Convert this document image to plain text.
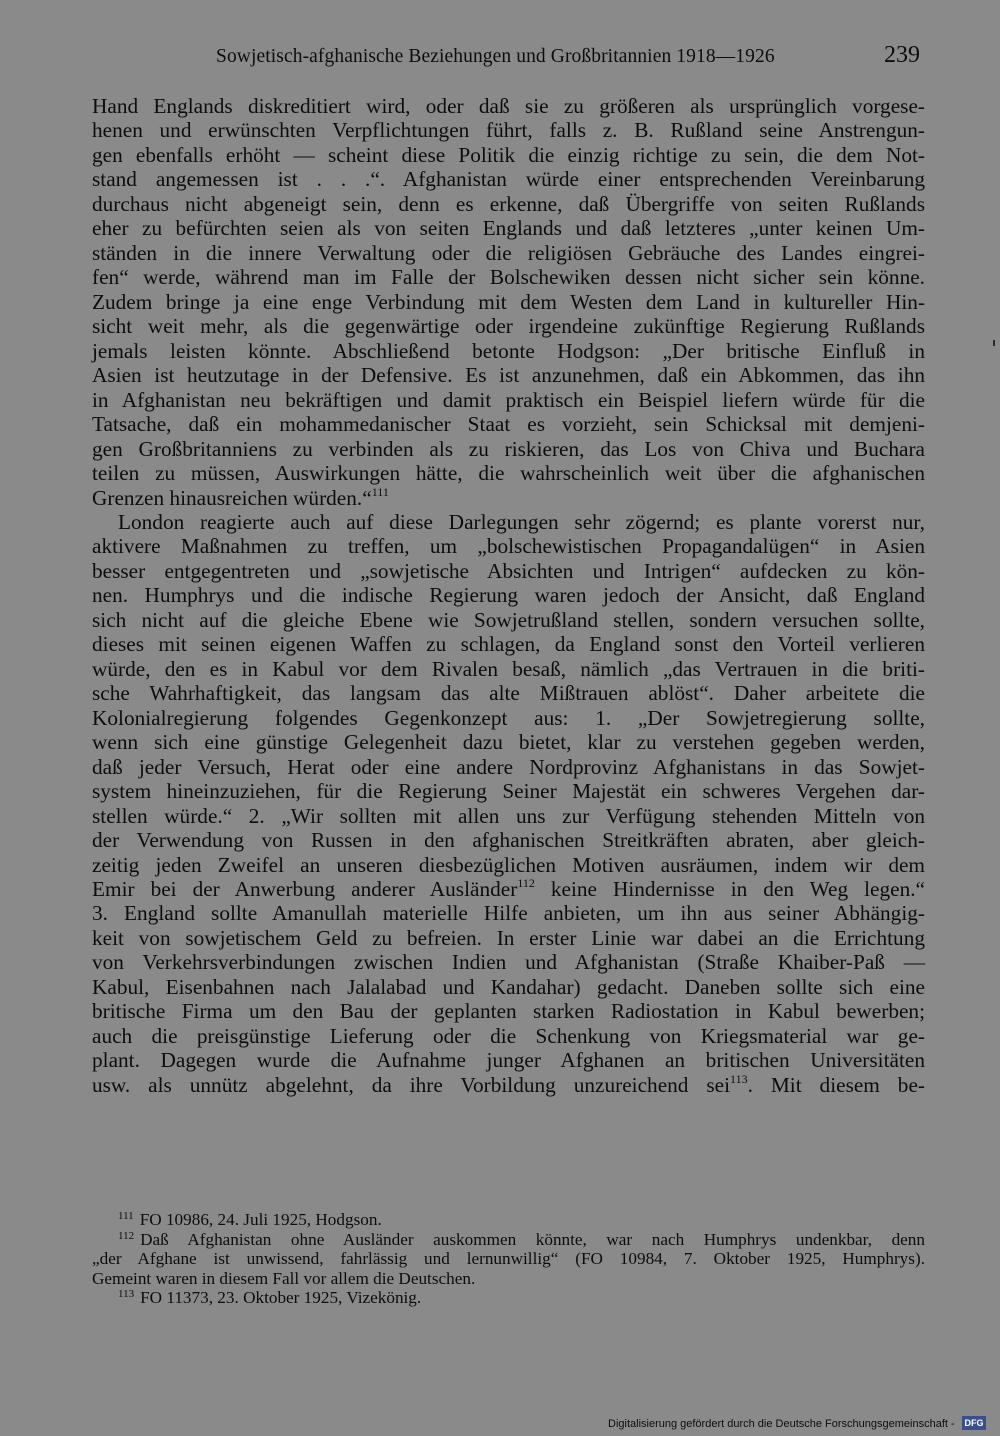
Sowjetisch-afghanische Beziehungen und Großbritannien 1918—1926	239
Hand Englands diskreditiert wird, oder daß sie zu größeren als ursprünglich vorgese-
henen und erwünschten Verpflichtungen führt, falls z. B. Rußland seine Anstrengun-
gen ebenfalls erhöht — scheint diese Politik die einzig richtige zu sein, die dem Not-
stand angemessen ist . . .“. Afghanistan würde einer entsprechenden Vereinbarung
durchaus nicht abgeneigt sein, denn es erkenne, daß Übergriffe von seiten Rußlands
eher zu befürchten seien als von seiten Englands und daß letzteres „unter keinen Um-
ständen in die innere Verwaltung oder die religiösen Gebräuche des Landes eingrei-
fen“ werde, während man im Falle der Bolschewiken dessen nicht sicher sein könne.
Zudem bringe ja eine enge Verbindung mit dem Westen dem Land in kultureller Hin-
sicht weit mehr, als die gegenwärtige oder irgendeine zukünftige Regierung Rußlands
jemals leisten könnte. Abschließend betonte Hodgson: „Der britische Einfluß in
Asien ist heutzutage in der Defensive. Es ist anzunehmen, daß ein Abkommen, das ihn
in Afghanistan neu bekräftigen und damit praktisch ein Beispiel liefern würde für die
Tatsache, daß ein mohammedanischer Staat es vorzieht, sein Schicksal mit demjeni-
gen Großbritanniens zu verbinden als zu riskieren, das Los von Chiva und Buchara
teilen zu müssen, Auswirkungen hätte, die wahrscheinlich weit über die afghanischen
Grenzen hinausreichen würden.“$^{111}$
London reagierte auch auf diese Darlegungen sehr zögernd; es plante vorerst nur,
aktivere Maßnahmen zu treffen, um „bolschewistischen Propagandalügen“ in Asien
besser entgegentreten und „sowjetische Absichten und Intrigen“ aufdecken zu kön-
nen. Humphrys und die indische Regierung waren jedoch der Ansicht, daß England
sich nicht auf die gleiche Ebene wie Sowjetrußland stellen, sondern versuchen sollte,
dieses mit seinen eigenen Waffen zu schlagen, da England sonst den Vorteil verlieren
würde, den es in Kabul vor dem Rivalen besaß, nämlich „das Vertrauen in die briti-
sche Wahrhaftigkeit, das langsam das alte Mißtrauen ablöst“. Daher arbeitete die
Kolonialregierung folgendes Gegenkonzept aus: 1. „Der Sowjetregierung sollte,
wenn sich eine günstige Gelegenheit dazu bietet, klar zu verstehen gegeben werden,
daß jeder Versuch, Herat oder eine andere Nordprovinz Afghanistans in das Sowjet-
system hineinzuziehen, für die Regierung Seiner Majestät ein schweres Vergehen dar-
stellen würde.“ 2. „Wir sollten mit allen uns zur Verfügung stehenden Mitteln von
der Verwendung von Russen in den afghanischen Streitkräften abraten, aber gleich-
zeitig jeden Zweifel an unseren diesbezüglichen Motiven ausräumen, indem wir dem
Emir bei der Anwerbung anderer Ausländer$^{112}$ keine Hindernisse in den Weg legen.“
3. England sollte Amanullah materielle Hilfe anbieten, um ihn aus seiner Abhängig-
keit von sowjetischem Geld zu befreien. In erster Linie war dabei an die Errichtung
von Verkehrsverbindungen zwischen Indien und Afghanistan (Straße Khaiber-Paß —
Kabul, Eisenbahnen nach Jalalabad und Kandahar) gedacht. Daneben sollte sich eine
britische Firma um den Bau der geplanten starken Radiostation in Kabul bewerben;
auch die preisgünstige Lieferung oder die Schenkung von Kriegsmaterial war ge-
plant. Dagegen wurde die Aufnahme junger Afghanen an britischen Universitäten
usw. als unnütz abgelehnt, da ihre Vorbildung unzureichend sei$^{113}$. Mit diesem be-
$^{111}$ FO 10986, 24. Juli 1925, Hodgson.
$^{112}$ Daß Afghanistan ohne Ausländer auskommen könnte, war nach Humphrys undenkbar, denn
„der Afghane ist unwissend, fahrlässig und lernunwillig“ (FO 10984, 7. Oktober 1925, Humphrys).
Gemeint waren in diesem Fall vor allem die Deutschen.
$^{113}$ FO 11373, 23. Oktober 1925, Vizekönig.
Digitalisierung gefördert durch die Deutsche Forschungsgemeinschaft - DFG
